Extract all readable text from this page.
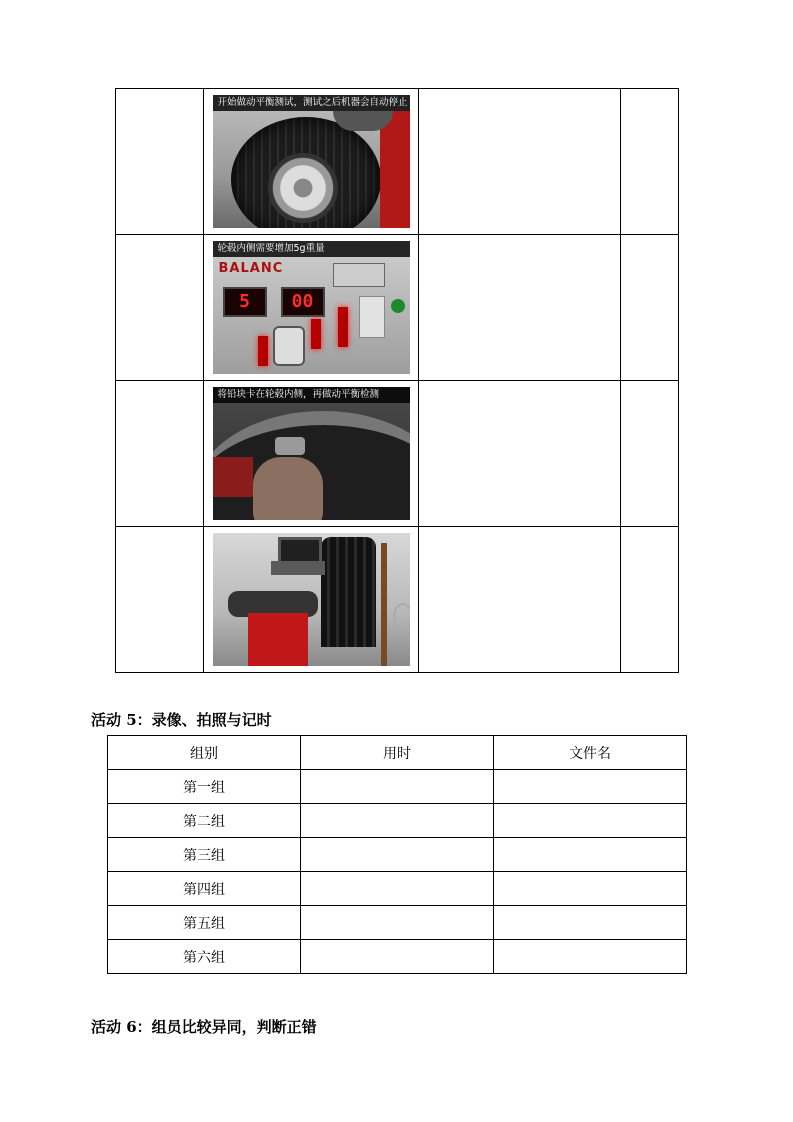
	开始做动平衡测试，测试之后机器会自动停止		

	BALANC
5 00
轮毂内侧需要增加5g重量		

	将铅块卡在轮毂内侧，再做动平衡检测		

活动 5：录像、拍照与记时
组别	用时	文件名
第一组		
第二组		
第三组		
第四组		
第五组		
第六组		
活动 6：组员比较异同，判断正错
